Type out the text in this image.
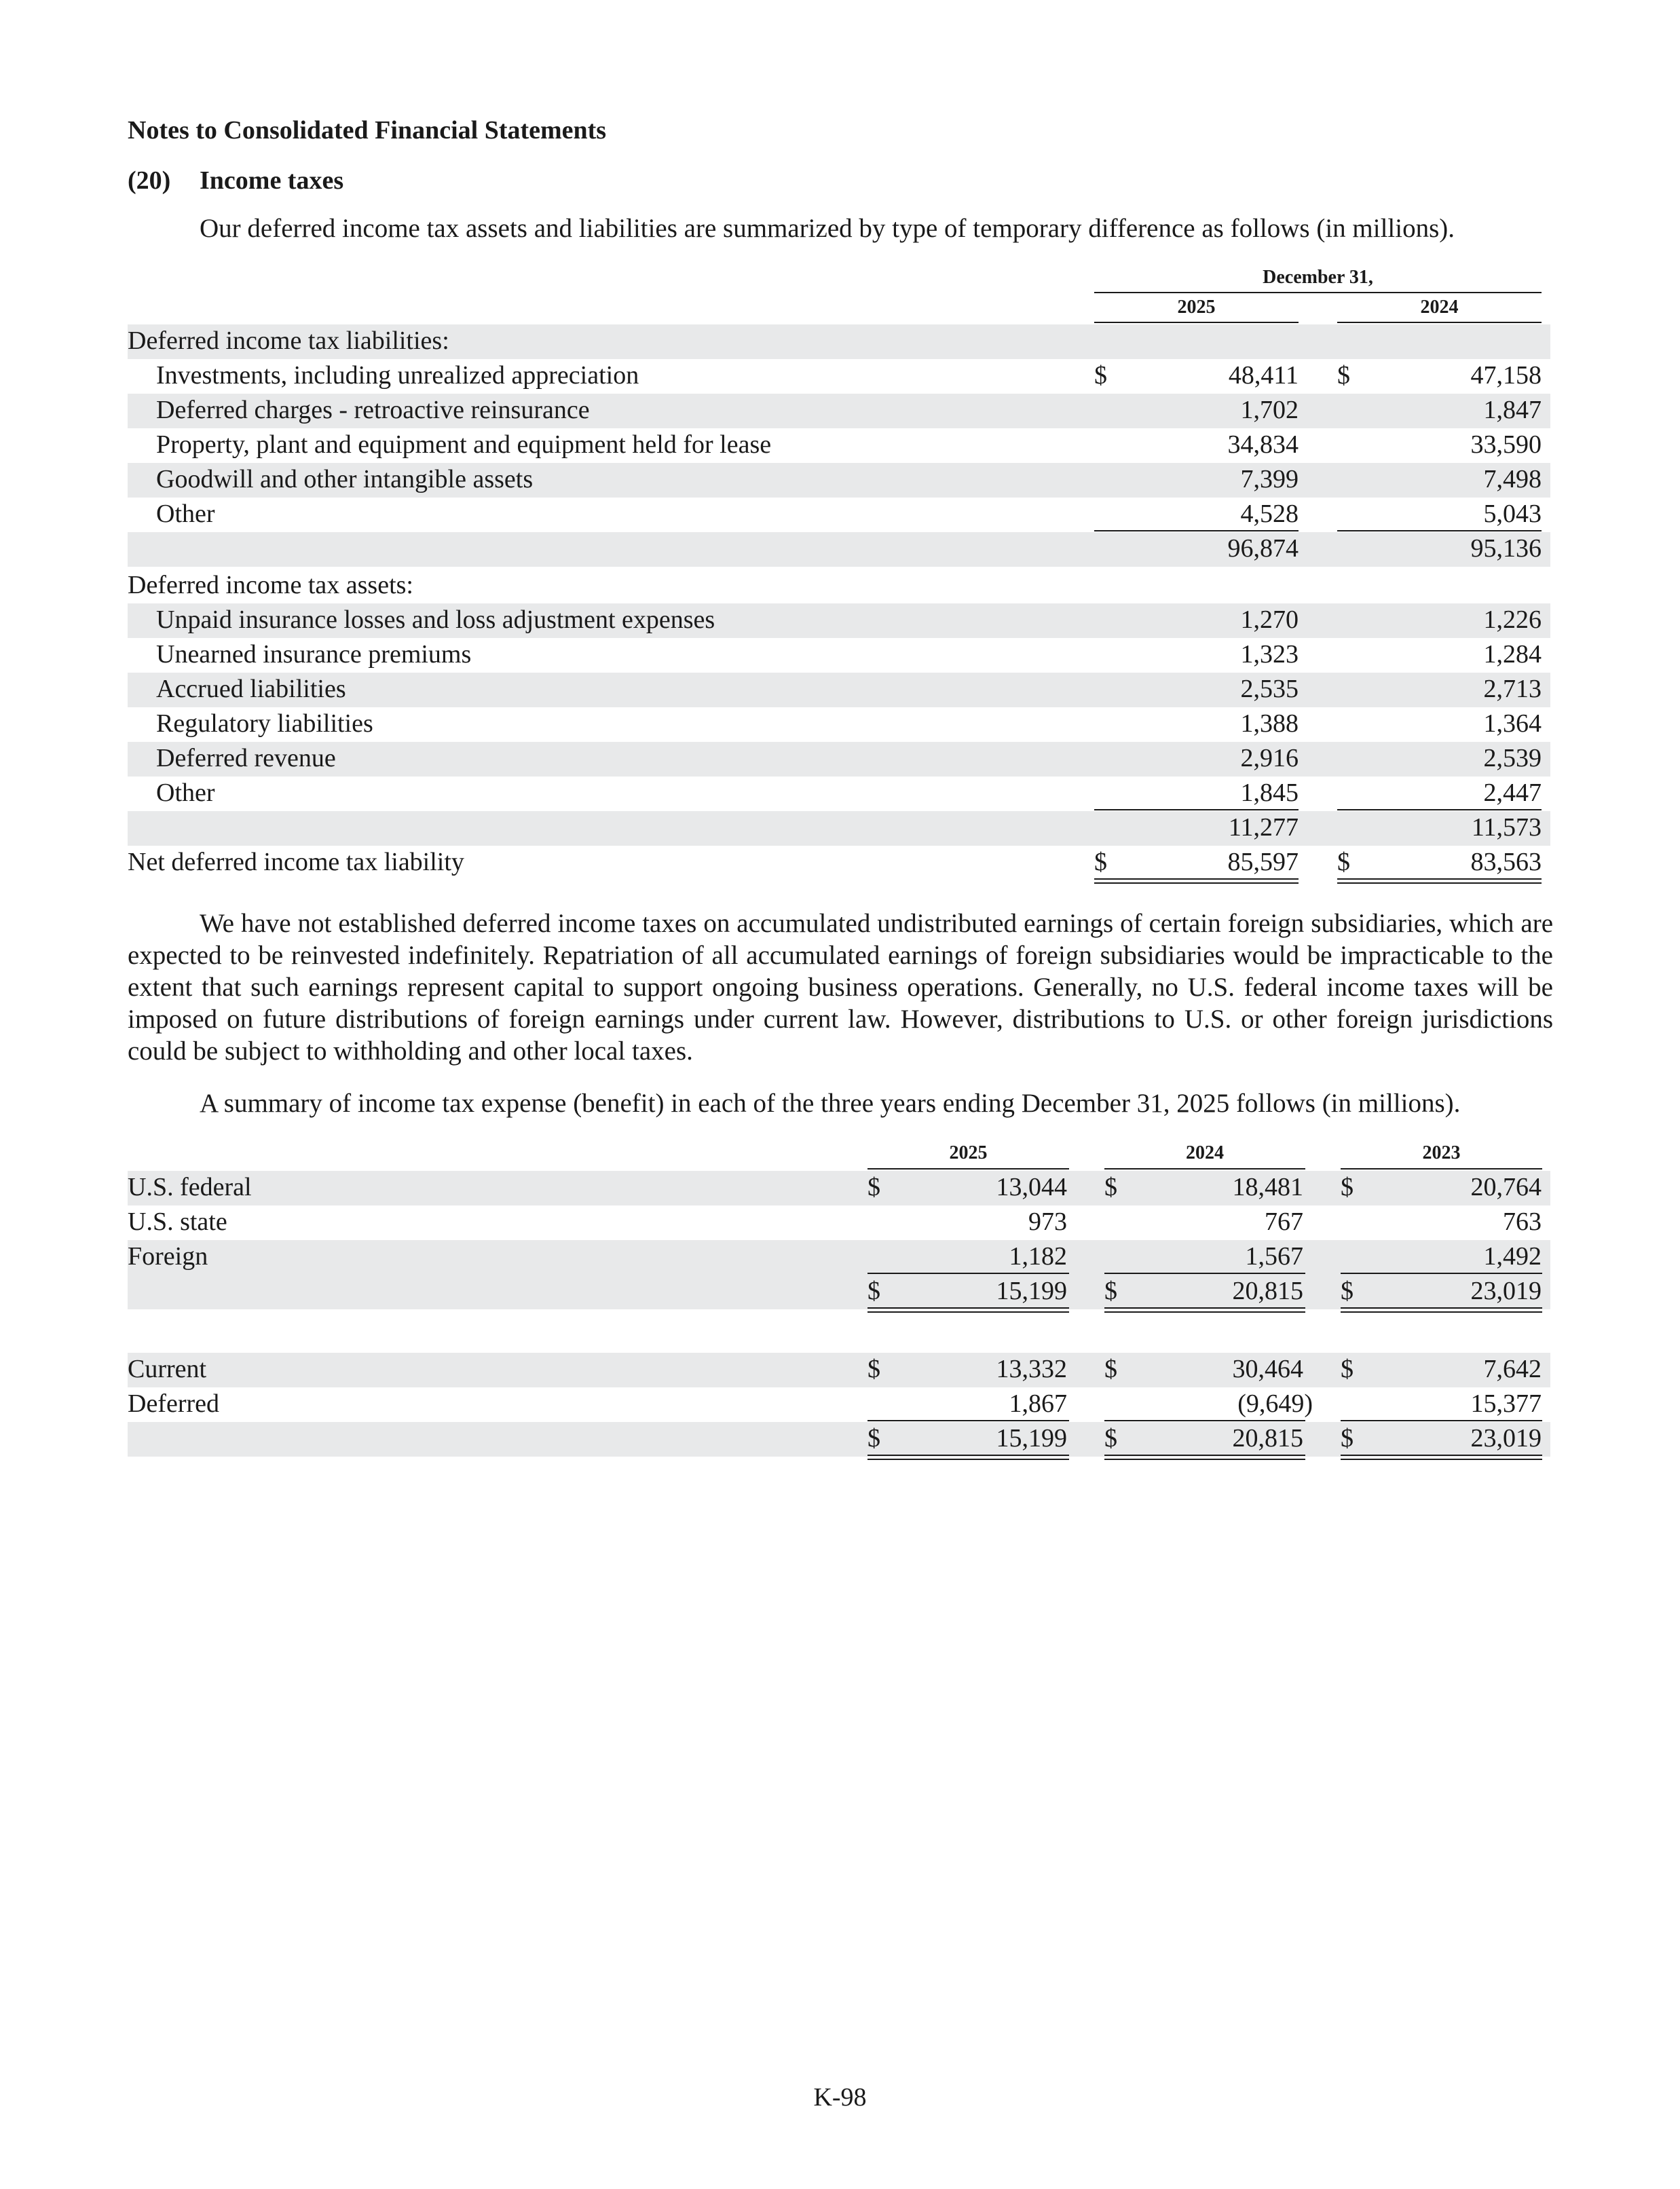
Notes to Consolidated Financial Statements
(20) Income taxes
Our deferred income tax assets and liabilities are summarized by type of temporary difference as follows (in millions).
December 31,
2025	2024
Deferred income tax liabilities:
Investments, including unrealized appreciation	$	48,411 $	47,158
Deferred charges - retroactive reinsurance	1,702	1,847
Property, plant and equipment and equipment held for lease	34,834	33,590
Goodwill and other intangible assets	7,399	7,498
Other	4,528	5,043
96,874	95,136
Deferred income tax assets:
Unpaid insurance losses and loss adjustment expenses	1,270	1,226
Unearned insurance premiums	1,323	1,284
Accrued liabilities	2,535	2,713
Regulatory liabilities	1,388	1,364
Deferred revenue	2,916	2,539
Other	1,845	2,447
11,277	11,573
Net deferred income tax liability	$	85,597 $	83,563
We have not established deferred income taxes on accumulated undistributed earnings of certain foreign subsidiaries, which are expected to be reinvested indefinitely. Repatriation of all accumulated earnings of foreign subsidiaries would be impracticable to the extent that such earnings represent capital to support ongoing business operations. Generally, no U.S. federal income taxes will be imposed on future distributions of foreign earnings under current law. However, distributions to U.S. or other foreign jurisdictions could be subject to withholding and other local taxes.
A summary of income tax expense (benefit) in each of the three years ending December 31, 2025 follows (in millions).
2025	2024	2023
U.S. federal	$	13,044 $	18,481 $	20,764
U.S. state	973	767	763
Foreign	1,182	1,567	1,492
$	15,199 $	20,815 $	23,019
Current	$	13,332 $	30,464 $	7,642
Deferred	1,867	(9,649)	15,377
$	15,199 $	20,815 $	23,019
K-98
